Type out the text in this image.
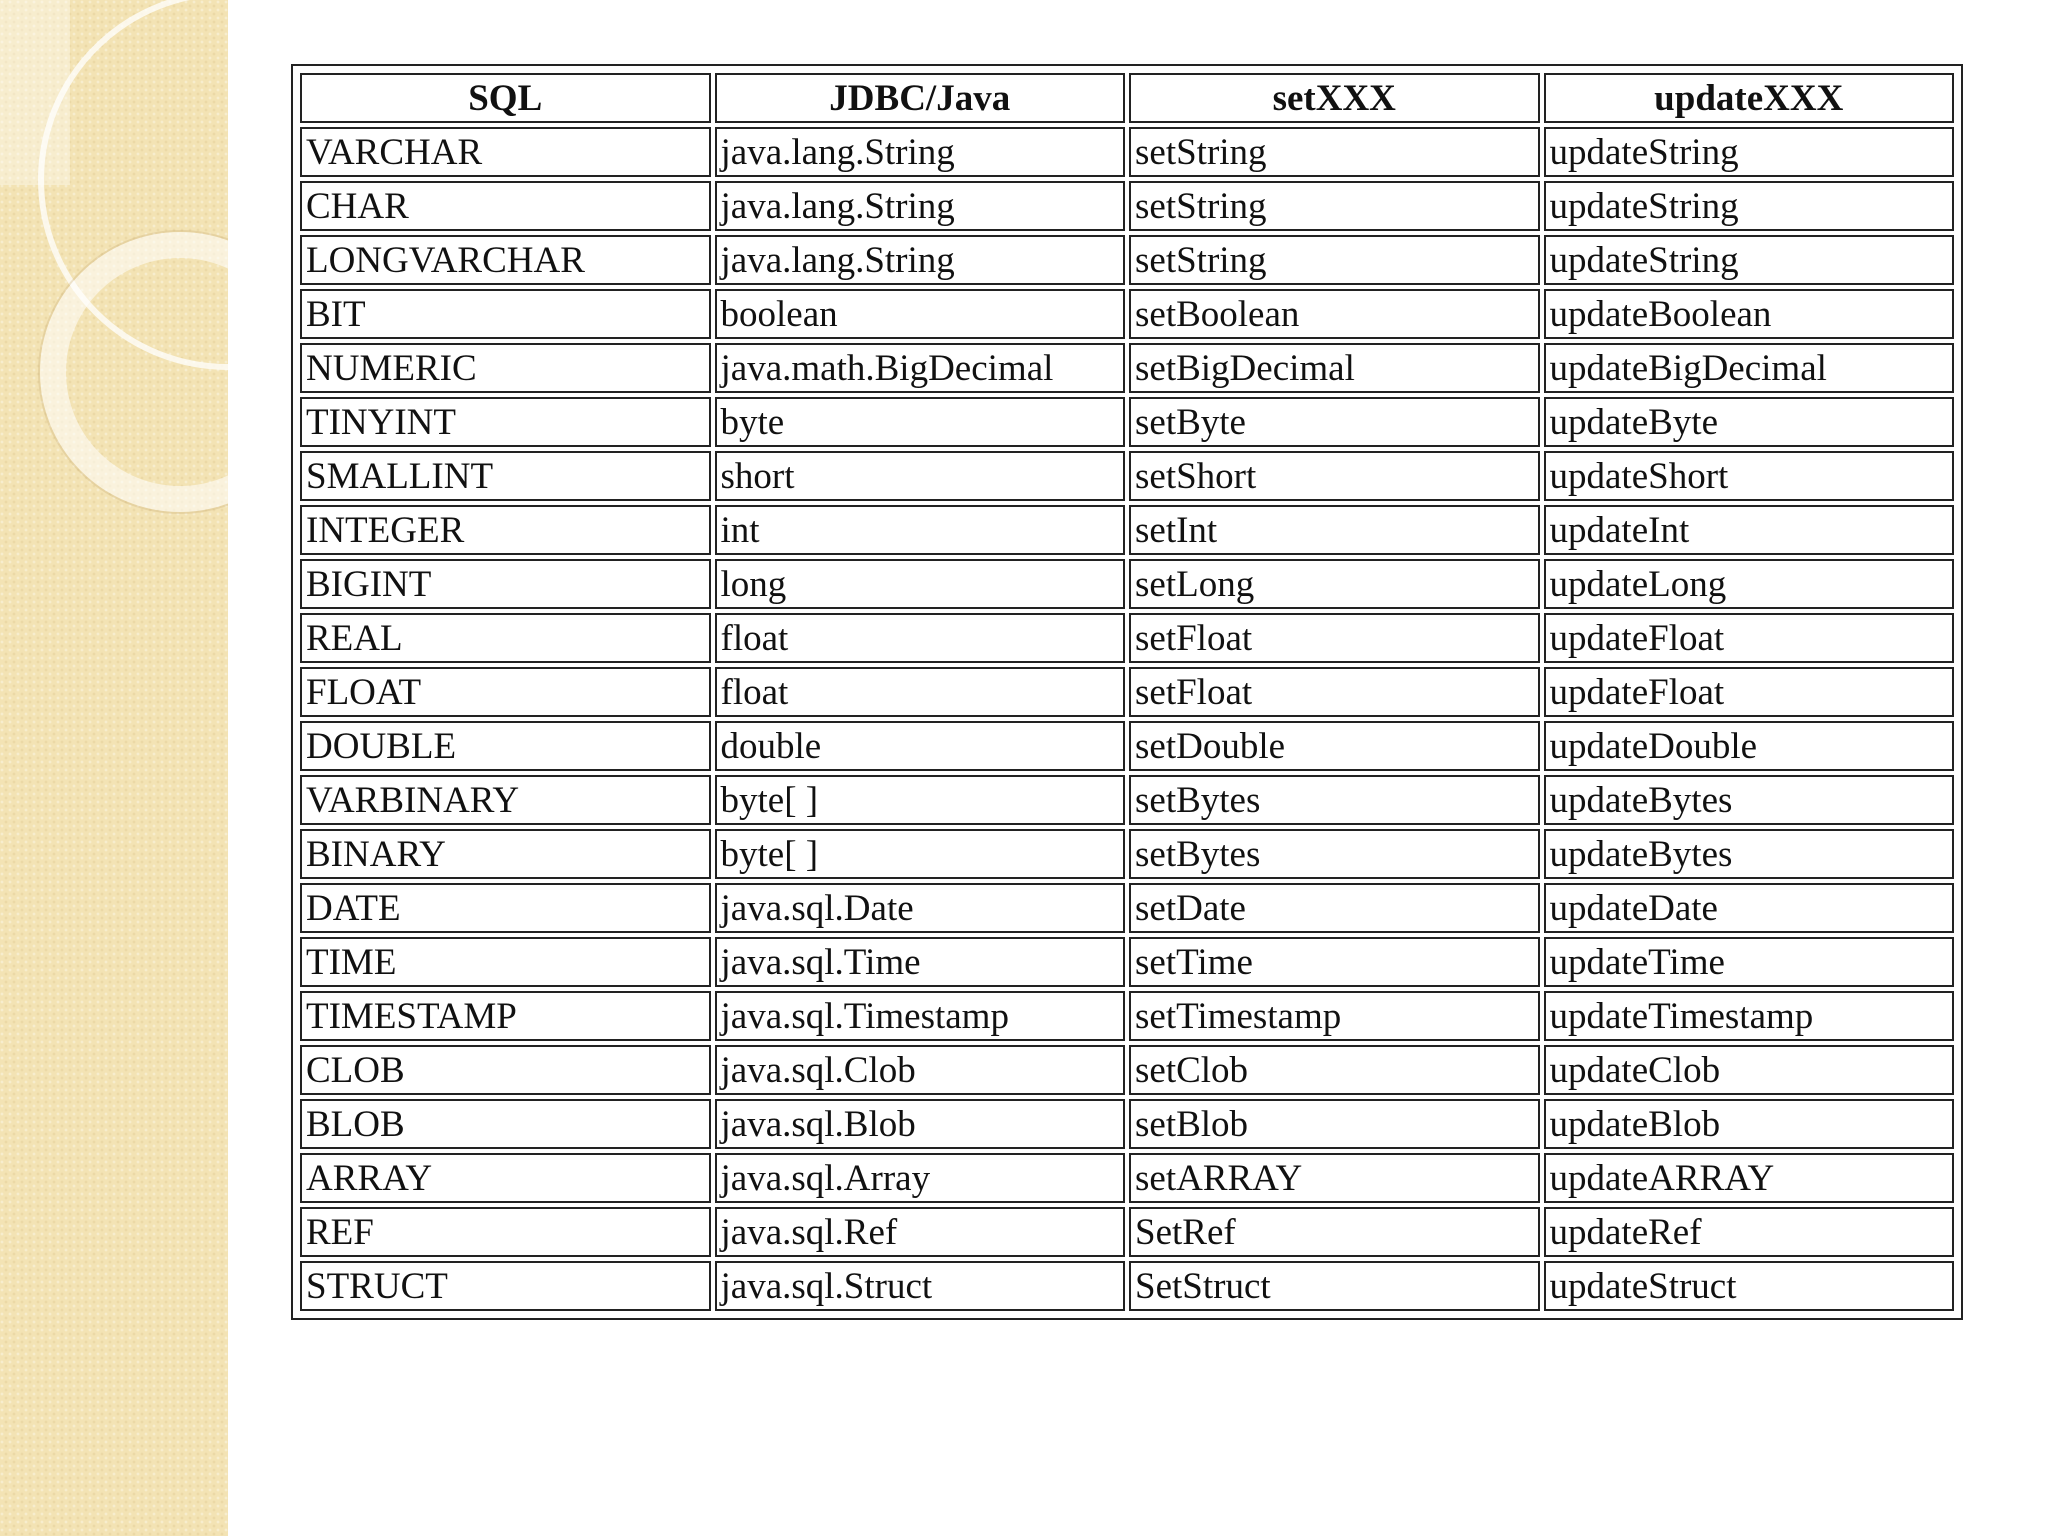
SQL	JDBC/Java	setXXX	updateXXX
VARCHAR	java.lang.String	setString	updateString
CHAR	java.lang.String	setString	updateString
LONGVARCHAR	java.lang.String	setString	updateString
BIT	boolean	setBoolean	updateBoolean
NUMERIC	java.math.BigDecimal	setBigDecimal	updateBigDecimal
TINYINT	byte	setByte	updateByte
SMALLINT	short	setShort	updateShort
INTEGER	int	setInt	updateInt
BIGINT	long	setLong	updateLong
REAL	float	setFloat	updateFloat
FLOAT	float	setFloat	updateFloat
DOUBLE	double	setDouble	updateDouble
VARBINARY	byte[ ]	setBytes	updateBytes
BINARY	byte[ ]	setBytes	updateBytes
DATE	java.sql.Date	setDate	updateDate
TIME	java.sql.Time	setTime	updateTime
TIMESTAMP	java.sql.Timestamp	setTimestamp	updateTimestamp
CLOB	java.sql.Clob	setClob	updateClob
BLOB	java.sql.Blob	setBlob	updateBlob
ARRAY	java.sql.Array	setARRAY	updateARRAY
REF	java.sql.Ref	SetRef	updateRef
STRUCT	java.sql.Struct	SetStruct	updateStruct
